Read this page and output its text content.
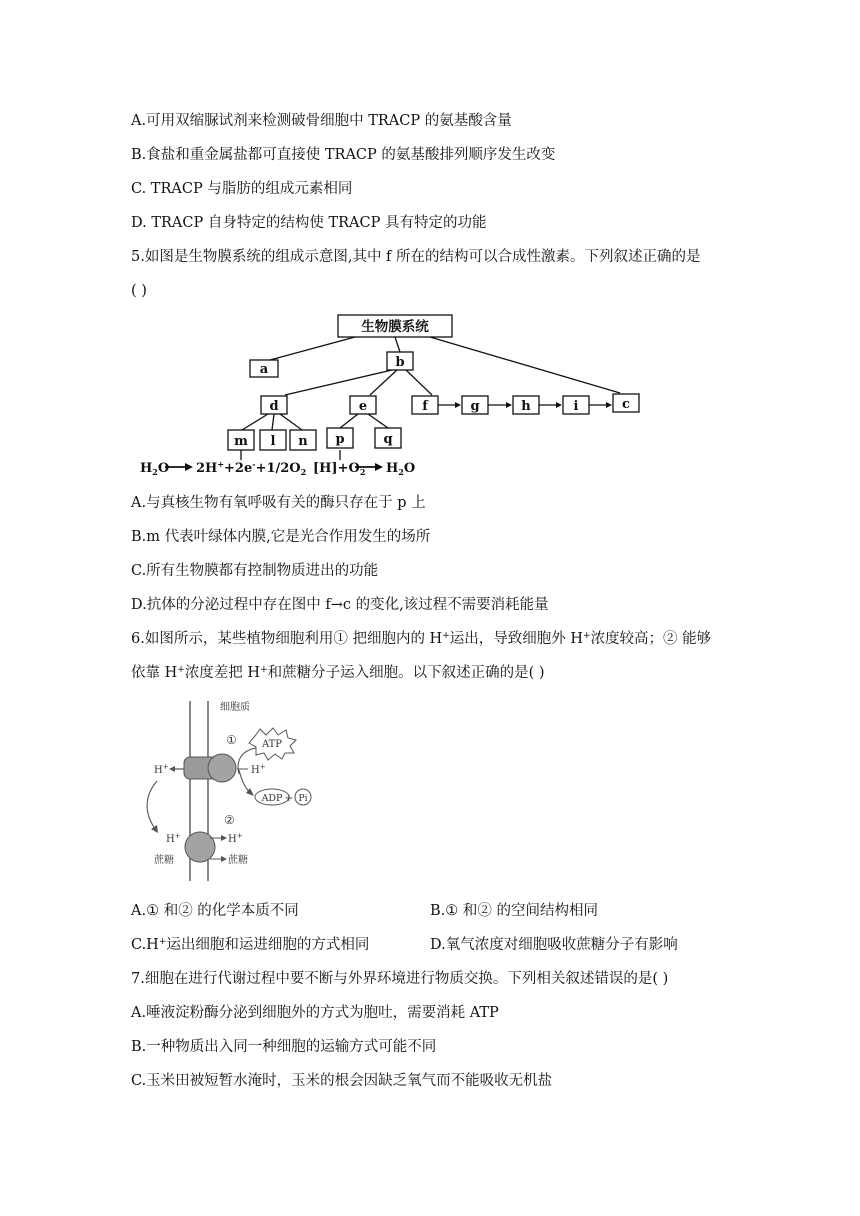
A.可用双缩脲试剂来检测破骨细胞中 TRACP 的氨基酸含量
B.食盐和重金属盐都可直接使 TRACP 的氨基酸排列顺序发生改变
C. TRACP 与脂肪的组成元素相同
D. TRACP 自身特定的结构使 TRACP 具有特定的功能
5.如图是生物膜系统的组成示意图,其中 f 所在的结构可以合成性激素。下列叙述正确的是
( )
生物膜系统
a	b
d	e	f	g	h	i	c
m l n p	q
$H_2O$ $2H^++2e^-+1/2O_2$ $[H]+O_2$ $H_2O$
A.与真核生物有氧呼吸有关的酶只存在于 p 上
B.m 代表叶绿体内膜,它是光合作用发生的场所
C.所有生物膜都有控制物质进出的功能
D.抗体的分泌过程中存在图中 f→c 的变化,该过程不需要消耗能量
6.如图所示，某些植物细胞利用① 把细胞内的 H+运出，导致细胞外 H+浓度较高；② 能够
依靠 H+浓度差把 H+和蔗糖分子运入细胞。以下叙述正确的是( )
细胞质
①	ATP
ADP + Pi
H+	H+
②
H+	H+
蔗糖	蔗糖
A.① 和② 的化学本质不同	B.① 和② 的空间结构相同
C.H+运出细胞和运进细胞的方式相同	D.氧气浓度对细胞吸收蔗糖分子有影响
7.细胞在进行代谢过程中要不断与外界环境进行物质交换。下列相关叙述错误的是( )
A.唾液淀粉酶分泌到细胞外的方式为胞吐，需要消耗 ATP
B.一种物质出入同一种细胞的运输方式可能不同
C.玉米田被短暂水淹时，玉米的根会因缺乏氧气而不能吸收无机盐
